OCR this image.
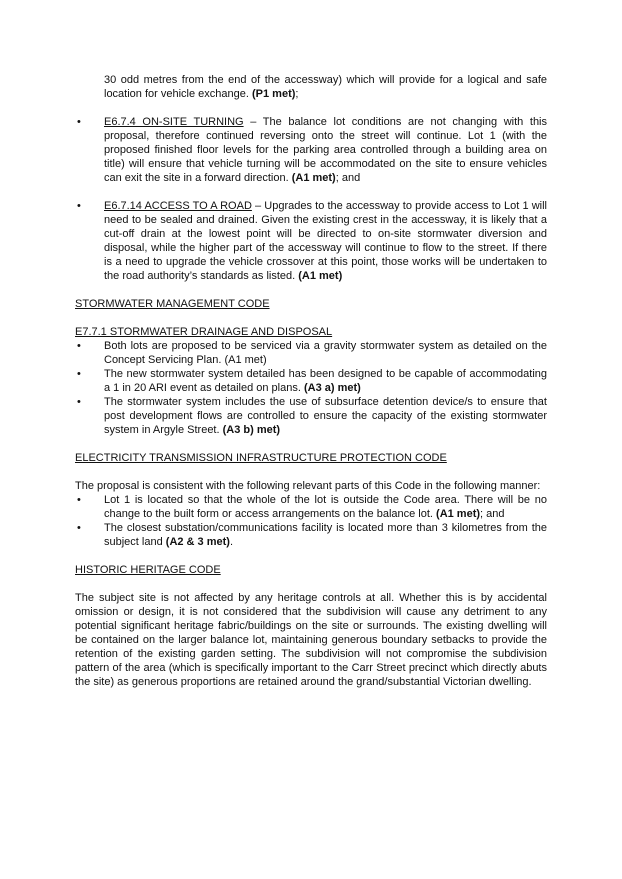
30 odd metres from the end of the accessway) which will provide for a logical and safe location for vehicle exchange. (P1 met);

• E6.7.4 ON-SITE TURNING – The balance lot conditions are not changing with this proposal, therefore continued reversing onto the street will continue. Lot 1 (with the proposed finished floor levels for the parking area controlled through a building area on title) will ensure that vehicle turning will be accommodated on the site to ensure vehicles can exit the site in a forward direction. (A1 met); and
• E6.7.14 ACCESS TO A ROAD – Upgrades to the accessway to provide access to Lot 1 will need to be sealed and drained. Given the existing crest in the accessway, it is likely that a cut-off drain at the lowest point will be directed to on-site stormwater diversion and disposal, while the higher part of the accessway will continue to flow to the street. If there is a need to upgrade the vehicle crossover at this point, those works will be undertaken to the road authority’s standards as listed. (A1 met)

STORMWATER MANAGEMENT CODE

E7.7.1 STORMWATER DRAINAGE AND DISPOSAL

• Both lots are proposed to be serviced via a gravity stormwater system as detailed on the Concept Servicing Plan. (A1 met)
• The new stormwater system detailed has been designed to be capable of accommodating a 1 in 20 ARI event as detailed on plans. (A3 a) met)
• The stormwater system includes the use of subsurface detention device/s to ensure that post development flows are controlled to ensure the capacity of the existing stormwater system in Argyle Street. (A3 b) met)

ELECTRICITY TRANSMISSION INFRASTRUCTURE PROTECTION CODE

The proposal is consistent with the following relevant parts of this Code in the following manner:

• Lot 1 is located so that the whole of the lot is outside the Code area. There will be no change to the built form or access arrangements on the balance lot. (A1 met); and
• The closest substation/communications facility is located more than 3 kilometres from the subject land (A2 & 3 met).

HISTORIC HERITAGE CODE

The subject site is not affected by any heritage controls at all. Whether this is by accidental omission or design, it is not considered that the subdivision will cause any detriment to any potential significant heritage fabric/buildings on the site or surrounds. The existing dwelling will be contained on the larger balance lot, maintaining generous boundary setbacks to provide the retention of the existing garden setting. The subdivision will not compromise the subdivision pattern of the area (which is specifically important to the Carr Street precinct which directly abuts the site) as generous proportions are retained around the grand/substantial Victorian dwelling.
